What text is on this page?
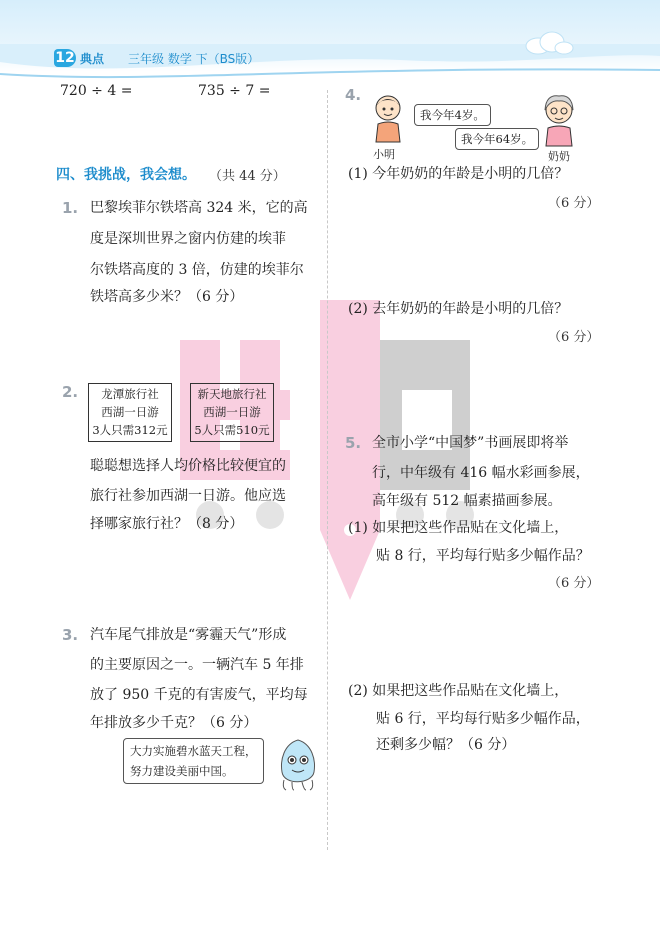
12 典点 三年级 数学 下（BS版）
720 ÷ 4 =	735 ÷ 7 =
四、我挑战，我会想。 （共 44 分）
1. 巴黎埃菲尔铁塔高 324 米，它的高
度是深圳世界之窗内仿建的埃菲
尔铁塔高度的 3 倍，仿建的埃菲尔
铁塔高多少米？（6 分）
2.	龙潭旅行社
西湖一日游
3人只需312元
新天地旅行社
西湖一日游
5人只需510元
聪聪想选择人均价格比较便宜的
旅行社参加西湖一日游。他应选
择哪家旅行社？（8 分）
3. 汽车尾气排放是“雾霾天气”形成
的主要原因之一。一辆汽车 5 年排
放了 950 千克的有害废气，平均每
年排放多少千克？（6 分）
大力实施碧水蓝天工程，
努力建设美丽中国。
4.
小明
我今年4岁。
我今年64岁。
奶奶
(1) 今年奶奶的年龄是小明的几倍？
（6 分）
(2) 去年奶奶的年龄是小明的几倍？
（6 分）
5. 全市小学“中国梦”书画展即将举
行，中年级有 416 幅水彩画参展，
高年级有 512 幅素描画参展。
(1) 如果把这些作品贴在文化墙上，
贴 8 行，平均每行贴多少幅作品？
（6 分）
(2) 如果把这些作品贴在文化墙上，
贴 6 行，平均每行贴多少幅作品，
还剩多少幅？（6 分）
